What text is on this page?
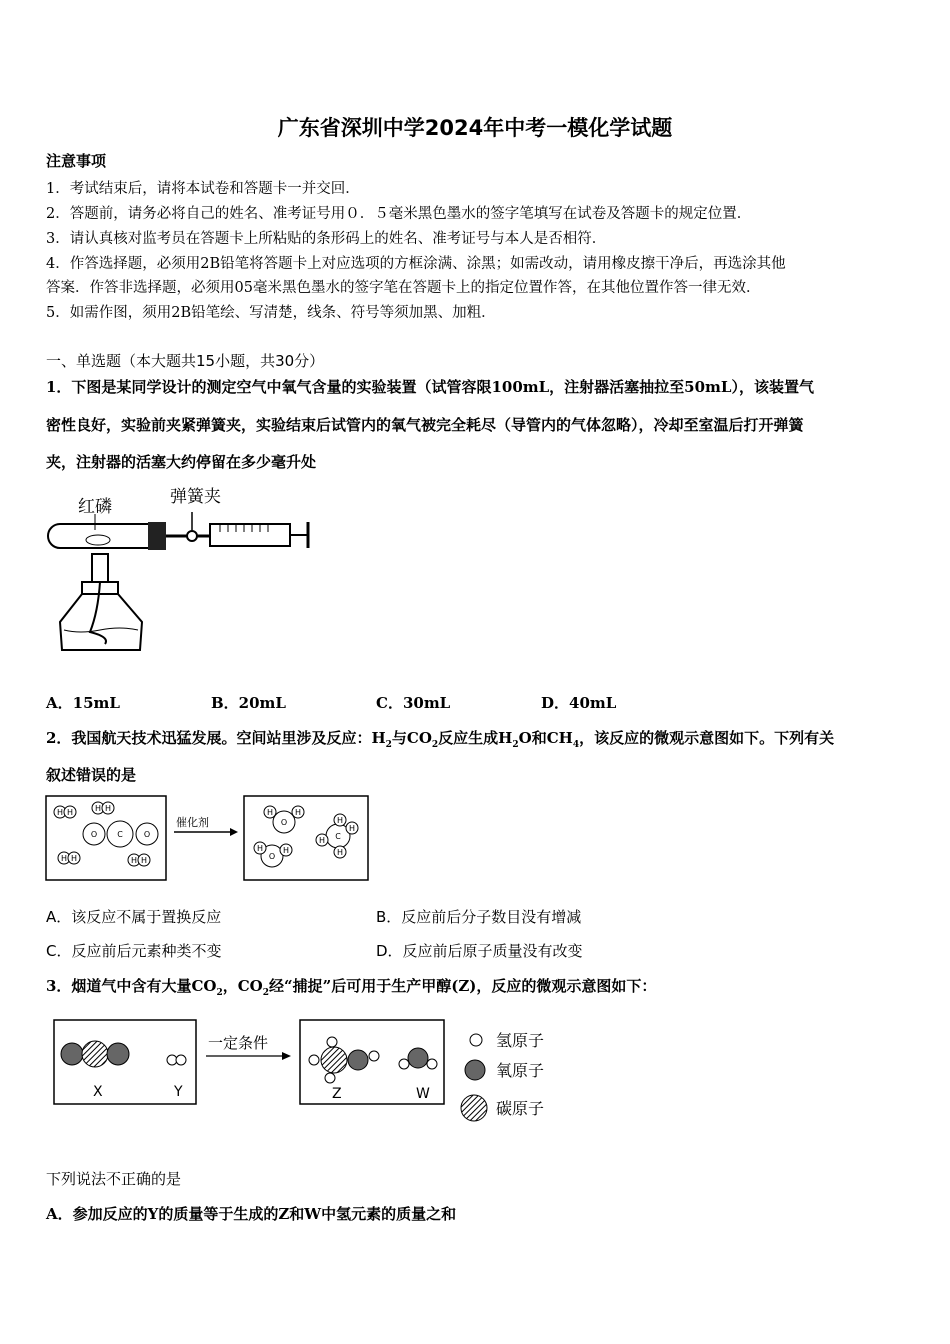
广东省深圳中学2024年中考一模化学试题
注意事项
1．考试结束后，请将本试卷和答题卡一并交回．
2．答题前，请务必将自己的姓名、准考证号用０．５毫米黑色墨水的签字笔填写在试卷及答题卡的规定位置．
3．请认真核对监考员在答题卡上所粘贴的条形码上的姓名、准考证号与本人是否相符．
4．作答选择题，必须用2B铅笔将答题卡上对应选项的方框涂满、涂黑；如需改动，请用橡皮擦干净后，再选涂其他
答案．作答非选择题，必须用05毫米黑色墨水的签字笔在答题卡上的指定位置作答，在其他位置作答一律无效．
5．如需作图，须用2B铅笔绘、写清楚，线条、符号等须加黑、加粗．
一、单选题（本大题共15小题，共30分）
1．下图是某同学设计的测定空气中氧气含量的实验装置（试管容限100mL，注射器活塞抽拉至50mL），该装置气
密性良好，实验前夹紧弹簧夹，实验结束后试管内的氧气被完全耗尽（导管内的气体忽略），冷却至室温后打开弹簧
夹，注射器的活塞大约停留在多少毫升处
红磷	弹簧夹
A．15mL	B．20mL	C．30mL	D．40mL
2．我国航天技术迅猛发展。空间站里涉及反应：$H_2$与$CO_2$反应生成$H_2O$和$CH_4$，该反应的微观示意图如下。下列有关
叙述错误的是
H H	H H
O	C	O
H H	H H
催化剂	O
H	H
O
H H
C
H
H
H
H
A．该反应不属于置换反应	B．反应前后分子数目没有增减
C．反应前后元素种类不变	D．反应前后原子质量没有改变
3．烟道气中含有大量$CO_2$，$CO_2$经“捕捉”后可用于生产甲醇(Z)，反应的微观示意图如下：
X	Y
一定条件
Z	W
氢原子
氧原子
碳原子
下列说法不正确的是
A．参加反应的Y的质量等于生成的Z和W中氢元素的质量之和
